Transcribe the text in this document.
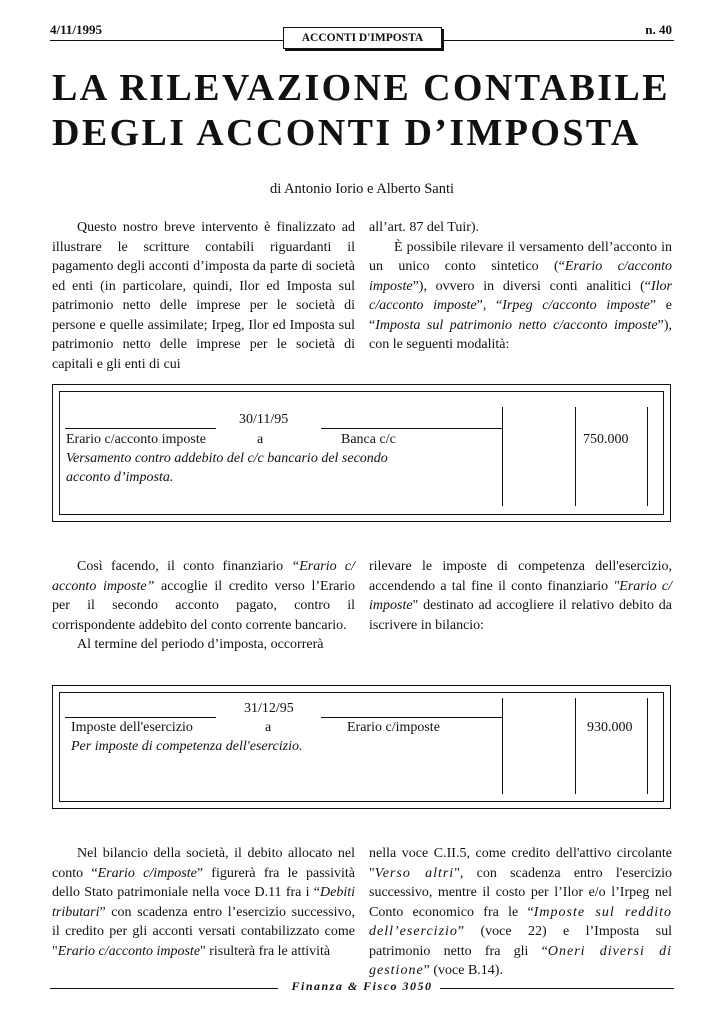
4/11/1995	n. 40
ACCONTI D'IMPOSTA
LA RILEVAZIONE CONTABILE
DEGLI ACCONTI D’IMPOSTA
di Antonio Iorio e Alberto Santi

Questo nostro breve intervento è finalizzato ad illustrare le scritture contabili riguardanti il pagamento degli acconti d’imposta da parte di società ed enti (in particolare, quindi, Ilor ed Imposta sul patrimonio netto delle imprese per le società di persone e quelle assimilate; Irpeg, Ilor ed Imposta sul patrimonio netto delle imprese per le società di capitali e gli enti di cui

all’art. 87 del Tuir).

È possibile rilevare il versamento dell’acconto in un unico conto sintetico (“Erario c/acconto imposte”), ovvero in diversi conti analitici (“Ilor c/acconto imposte”, “Irpeg c/acconto imposte” e “Imposta sul patrimonio netto c/acconto imposte”), con le seguenti modalità:

30/11/95
Erario c/acconto imposte	a	Banca c/c	750.000
Versamento contro addebito del c/c bancario del secondo
acconto d’imposta.

Così facendo, il conto finanziario “Erario c/ acconto imposte” accoglie il credito verso l’Erario per il secondo acconto pagato, contro il corrispondente addebito del conto corrente bancario.

Al termine del periodo d’imposta, occorrerà

rilevare le imposte di competenza dell'esercizio, accendendo a tal fine il conto finanziario "Erario c/ imposte" destinato ad accogliere il relativo debito da iscrivere in bilancio:

31/12/95
Imposte dell'esercizio	a	Erario c/imposte	930.000
Per imposte di competenza dell'esercizio.

Nel bilancio della società, il debito allocato nel conto “Erario c/imposte” figurerà fra le passività dello Stato patrimoniale nella voce D.11 fra i “Debiti tributari” con scadenza entro l’esercizio successivo, il credito per gli acconti versati contabilizzato come "Erario c/acconto imposte" risulterà fra le attività

nella voce C.II.5, come credito dell'attivo circolante "Verso altri", con scadenza entro l'esercizio successivo, mentre il costo per l’Ilor e/o l’Irpeg nel Conto economico fra le “Imposte sul reddito dell’esercizio” (voce 22) e l’Imposta sul patrimonio netto fra gli “Oneri diversi di gestione” (voce B.14).

Finanza & Fisco 3050
